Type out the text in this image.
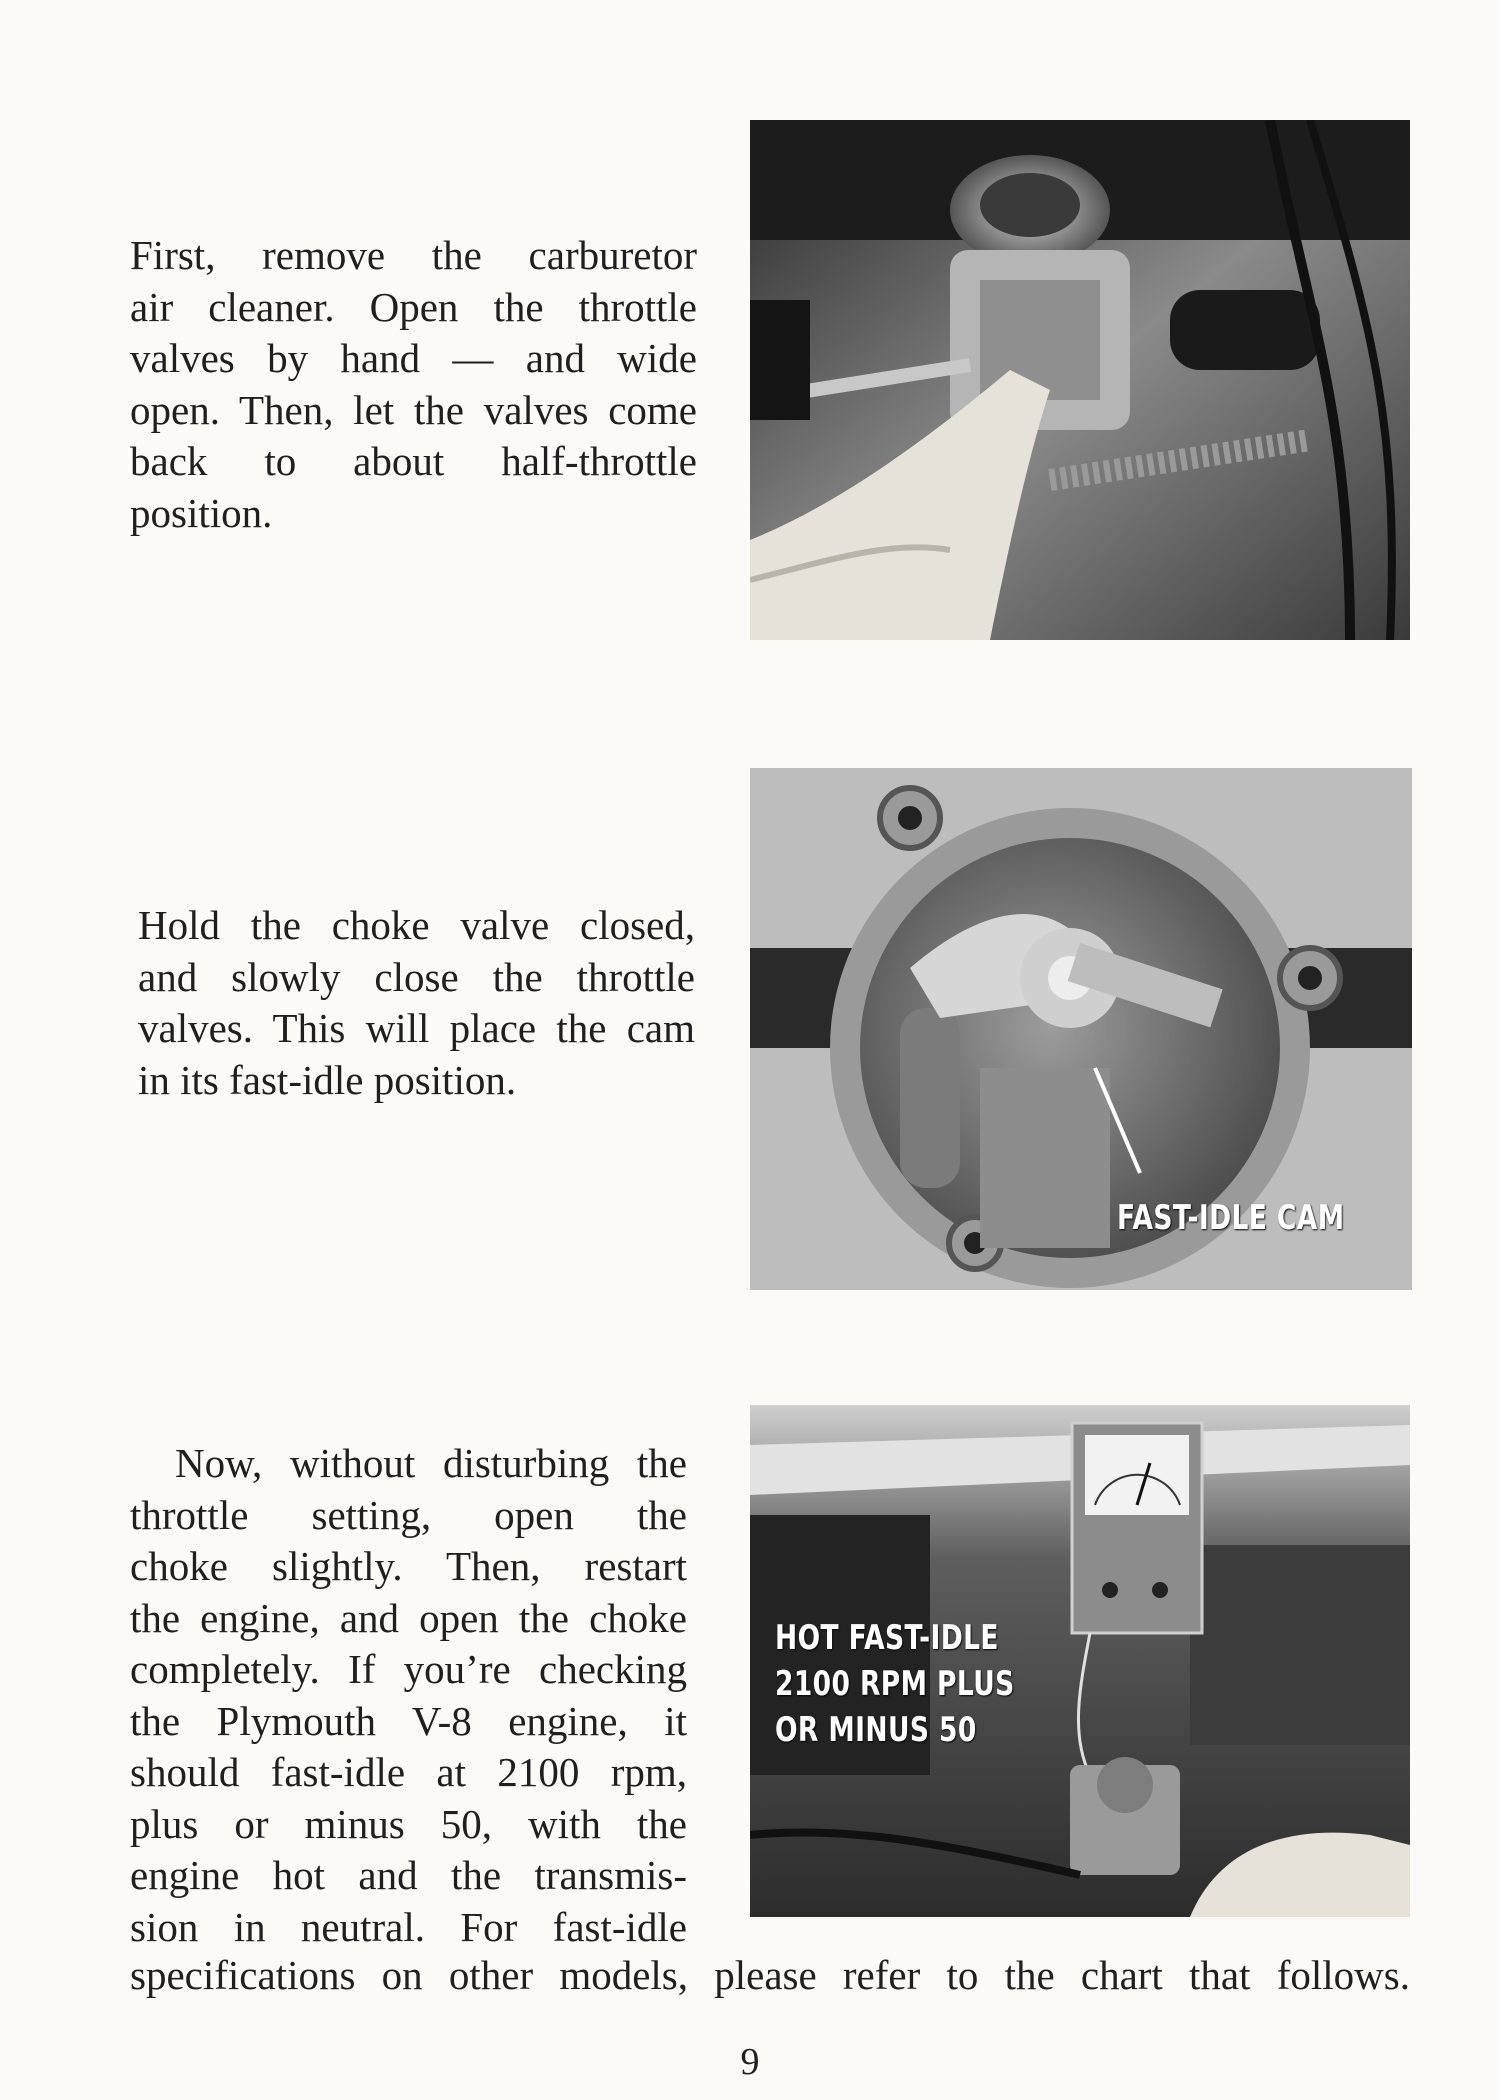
First, remove the carburetor
air cleaner. Open the throttle
valves by hand — and wide
open. Then, let the valves come
back to about half-throttle
position.
Hold the choke valve closed,
and slowly close the throttle
valves. This will place the cam
in its fast-idle position.
FAST-IDLE CAM
Now, without disturbing the
throttle setting, open the
choke slightly. Then, restart
the engine, and open the choke
completely. If you’re checking
the Plymouth V-8 engine, it
should fast-idle at 2100 rpm,
plus or minus 50, with the
engine hot and the transmis-
sion in neutral. For fast-idle
specifications on other models, please refer to the chart that follows.
HOT FAST-IDLE
2100 RPM PLUS
OR MINUS 50
9
